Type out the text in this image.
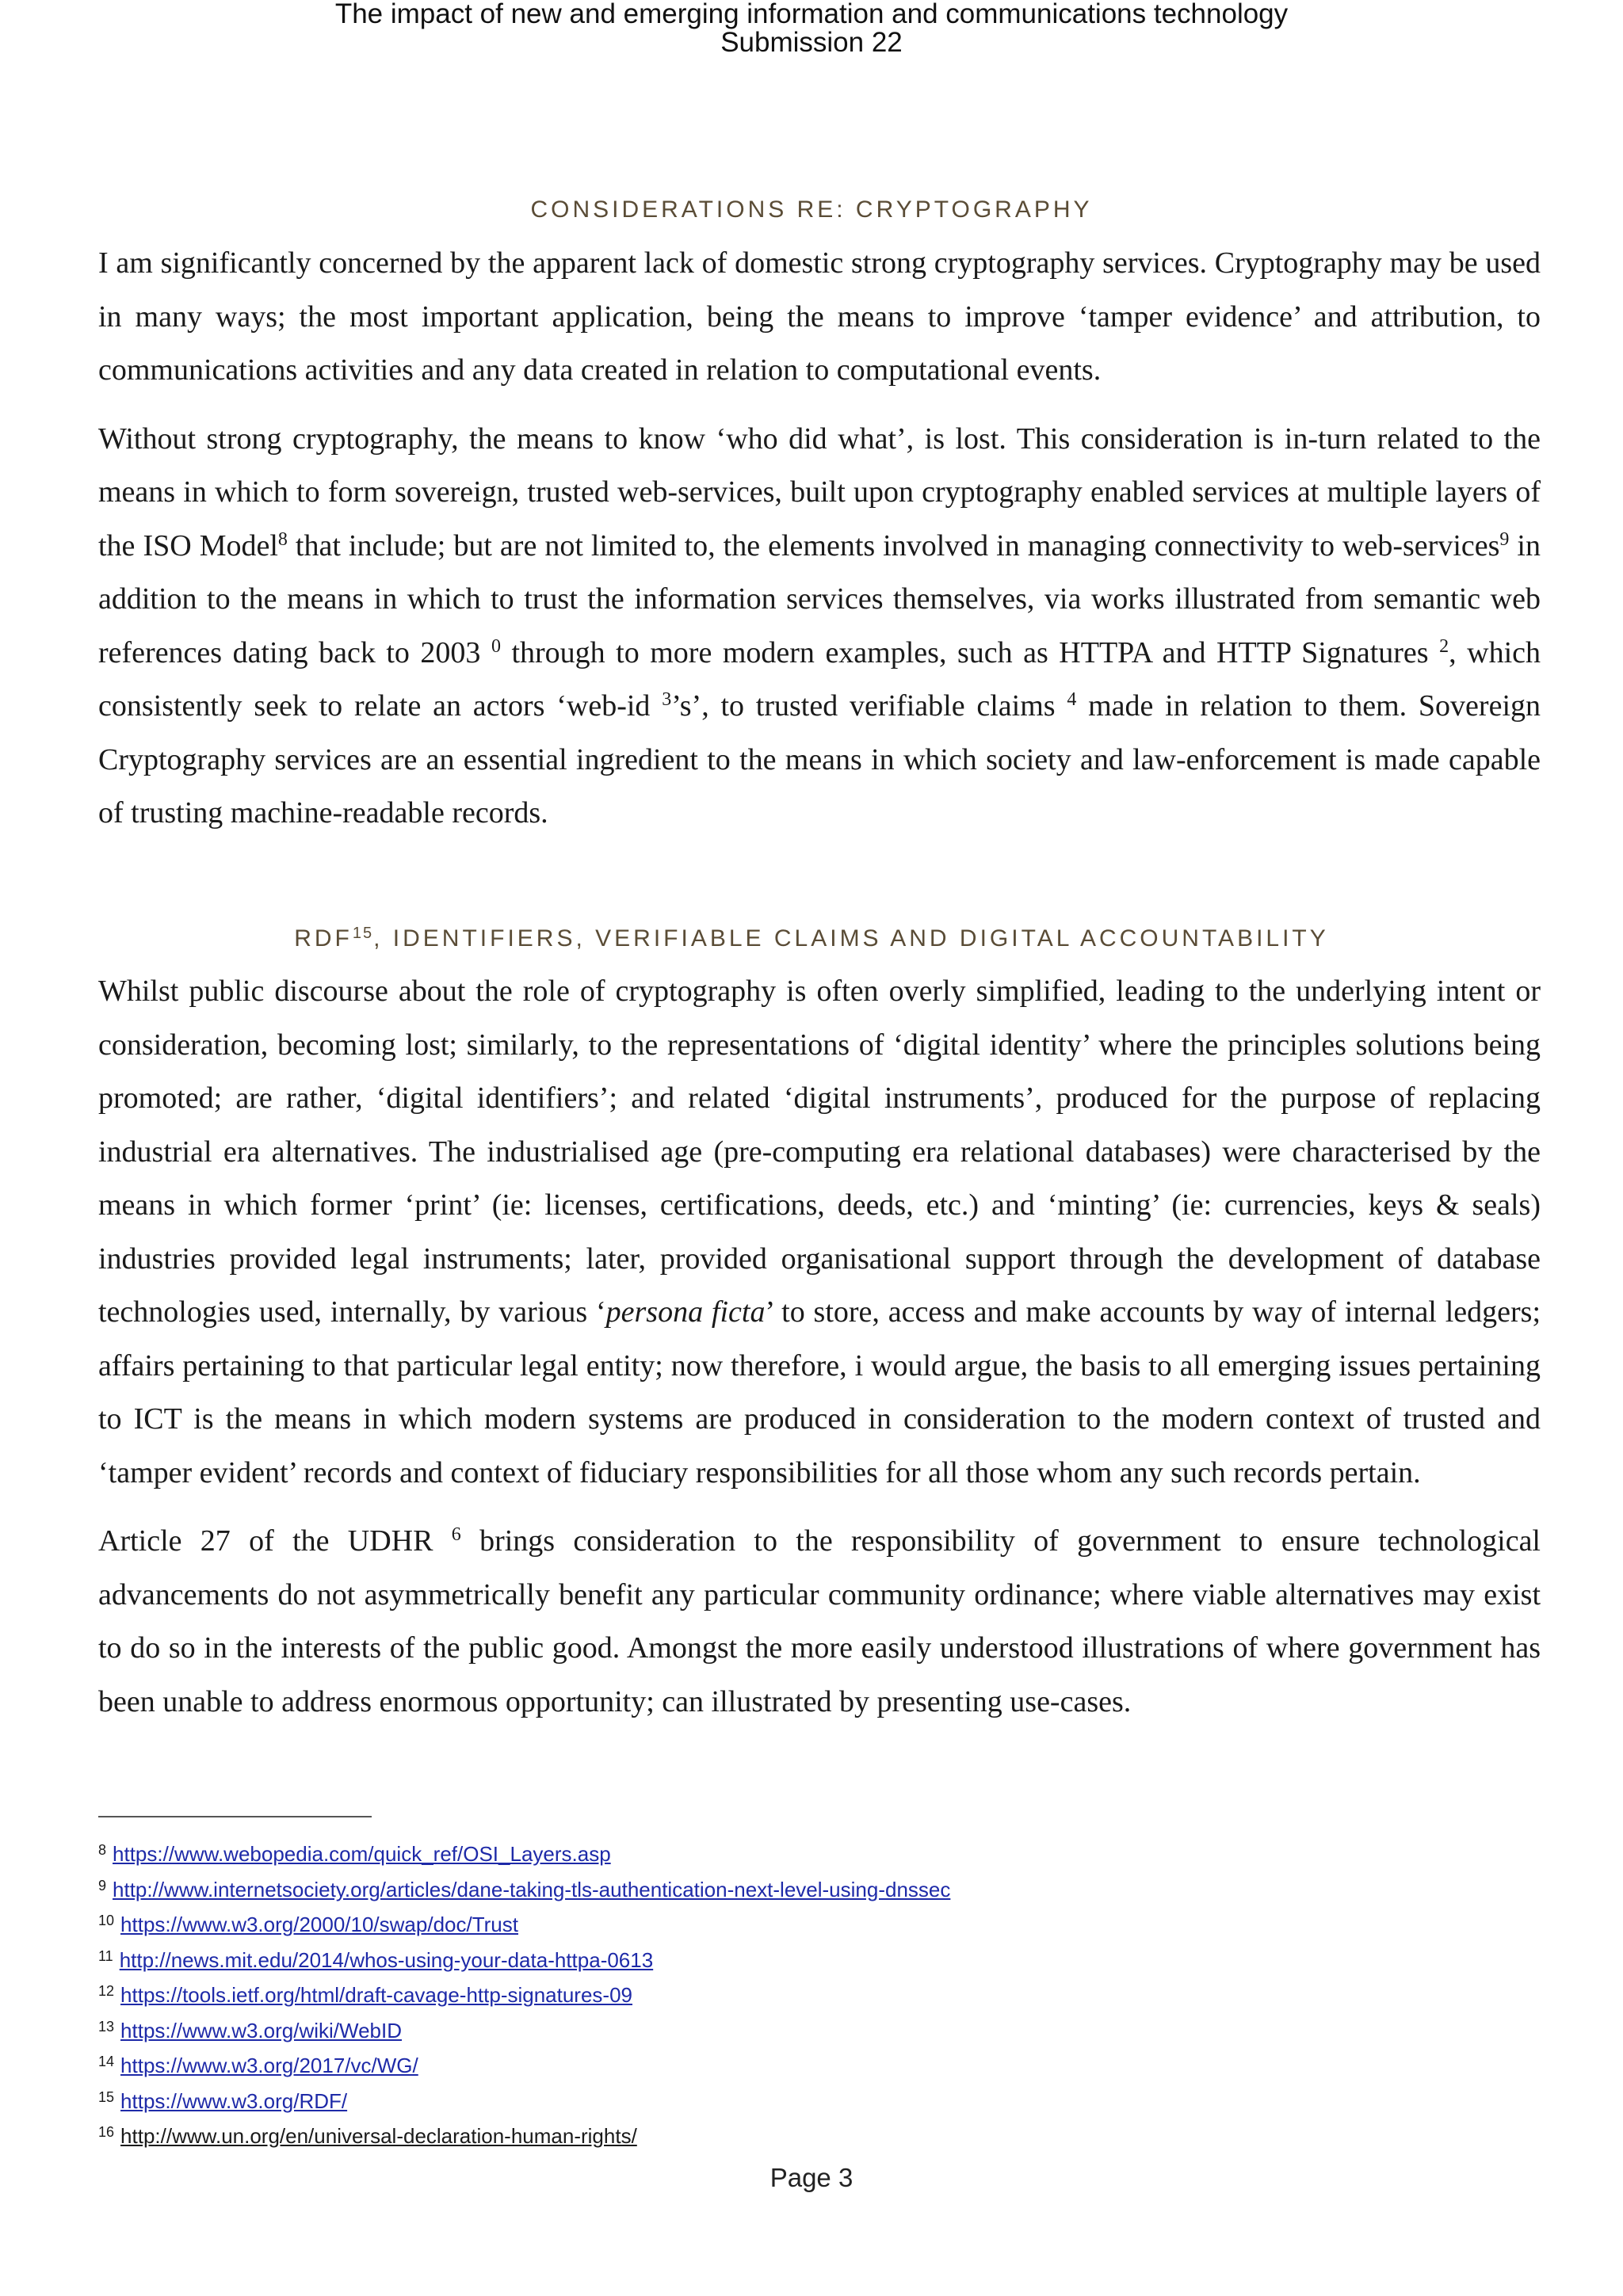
The impact of new and emerging information and communications technology
Submission 22
CONSIDERATIONS RE: CRYPTOGRAPHY

I am significantly concerned by the apparent lack of domestic strong cryptography services. Cryptography may be used in many ways; the most important application, being the means to improve ‘tamper evidence’ and attribution, to communications activities and any data created in relation to computational events.

Without strong cryptography, the means to know ‘who did what’, is lost. This consideration is in-turn related to the means in which to form sovereign, trusted web-services, built upon cryptography enabled services at multiple layers of the ISO Model$^8$ that include; but are not limited to, the elements involved in managing connectivity to web-services$^9$ in addition to the means in which to trust the information services themselves, via works illustrated from semantic web references dating back to 2003 $^0$ through to more modern examples, such as HTTPA and HTTP Signatures $^2$, which consistently seek to relate an actors ‘web-id $^3$’s’, to trusted verifiable claims $^4$ made in relation to them. Sovereign Cryptography services are an essential ingredient to the means in which society and law-enforcement is made capable of trusting machine-readable records.

RDF$^{15}$, IDENTIFIERS, VERIFIABLE CLAIMS AND DIGITAL ACCOUNTABILITY

Whilst public discourse about the role of cryptography is often overly simplified, leading to the underlying intent or consideration, becoming lost; similarly, to the representations of ‘digital identity’ where the principles solutions being promoted; are rather, ‘digital identifiers’; and related ‘digital instruments’, produced for the purpose of replacing industrial era alternatives. The industrialised age (pre-computing era relational databases) were characterised by the means in which former ‘print’ (ie: licenses, certifications, deeds, etc.) and ‘minting’ (ie: currencies, keys & seals) industries provided legal instruments; later, provided organisational support through the development of database technologies used, internally, by various ‘persona ficta’ to store, access and make accounts by way of internal ledgers; affairs pertaining to that particular legal entity; now therefore, i would argue, the basis to all emerging issues pertaining to ICT is the means in which modern systems are produced in consideration to the modern context of trusted and ‘tamper evident’ records and context of fiduciary responsibilities for all those whom any such records pertain.

Article 27 of the UDHR $^6$ brings consideration to the responsibility of government to ensure technological advancements do not asymmetrically benefit any particular community ordinance; where viable alternatives may exist to do so in the interests of the public good. Amongst the more easily understood illustrations of where government has been unable to address enormous opportunity; can illustrated by presenting use-cases.

$^8$ https://www.webopedia.com/quick_ref/OSI_Layers.asp
$^9$ http://www.internetsociety.org/articles/dane-taking-tls-authentication-next-level-using-dnssec
$^{10}$ https://www.w3.org/2000/10/swap/doc/Trust
$^{11}$ http://news.mit.edu/2014/whos-using-your-data-httpa-0613
$^{12}$ https://tools.ietf.org/html/draft-cavage-http-signatures-09
$^{13}$ https://www.w3.org/wiki/WebID
$^{14}$ https://www.w3.org/2017/vc/WG/
$^{15}$ https://www.w3.org/RDF/
$^{16}$ http://www.un.org/en/universal-declaration-human-rights/
Page 3
